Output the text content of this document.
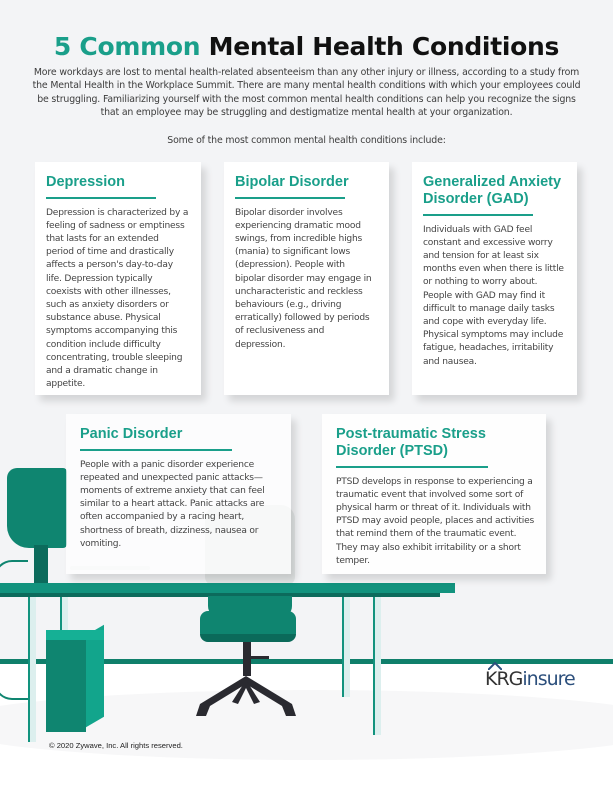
5 Common Mental Health Conditions

More workdays are lost to mental health-related absenteeism than any other injury or illness, according to a study from the Mental Health in the Workplace Summit. There are many mental health conditions with which your employees could be struggling. Familiarizing yourself with the most common mental health conditions can help you recognize the signs that an employee may be struggling and destigmatize mental health at your organization.

Some of the most common mental health conditions include:

Depression

Depression is characterized by a feeling of sadness or emptiness that lasts for an extended period of time and drastically affects a person's day-to-day life. Depression typically coexists with other illnesses, such as anxiety disorders or substance abuse. Physical symptoms accompanying this condition include difficulty concentrating, trouble sleeping and a dramatic change in appetite.

Bipolar Disorder

Bipolar disorder involves experiencing dramatic mood swings, from incredible highs (mania) to significant lows (depression). People with bipolar disorder may engage in uncharacteristic and reckless behaviours (e.g., driving erratically) followed by periods of reclusiveness and depression.

Generalized Anxiety Disorder (GAD)

Individuals with GAD feel constant and excessive worry and tension for at least six months even when there is little or nothing to worry about. People with GAD may find it difficult to manage daily tasks and cope with everyday life. Physical symptoms may include fatigue, headaches, irritability and nausea.

Panic Disorder

People with a panic disorder experience repeated and unexpected panic attacks—moments of extreme anxiety that can feel similar to a heart attack. Panic attacks are often accompanied by a racing heart, shortness of breath, dizziness, nausea or vomiting.

Post-traumatic Stress Disorder (PTSD)

PTSD develops in response to experiencing a traumatic event that involved some sort of physical harm or threat of it. Individuals with PTSD may avoid people, places and activities that remind them of the traumatic event. They may also exhibit irritability or a short temper.

KRGinsure
© 2020 Zywave, Inc. All rights reserved.
